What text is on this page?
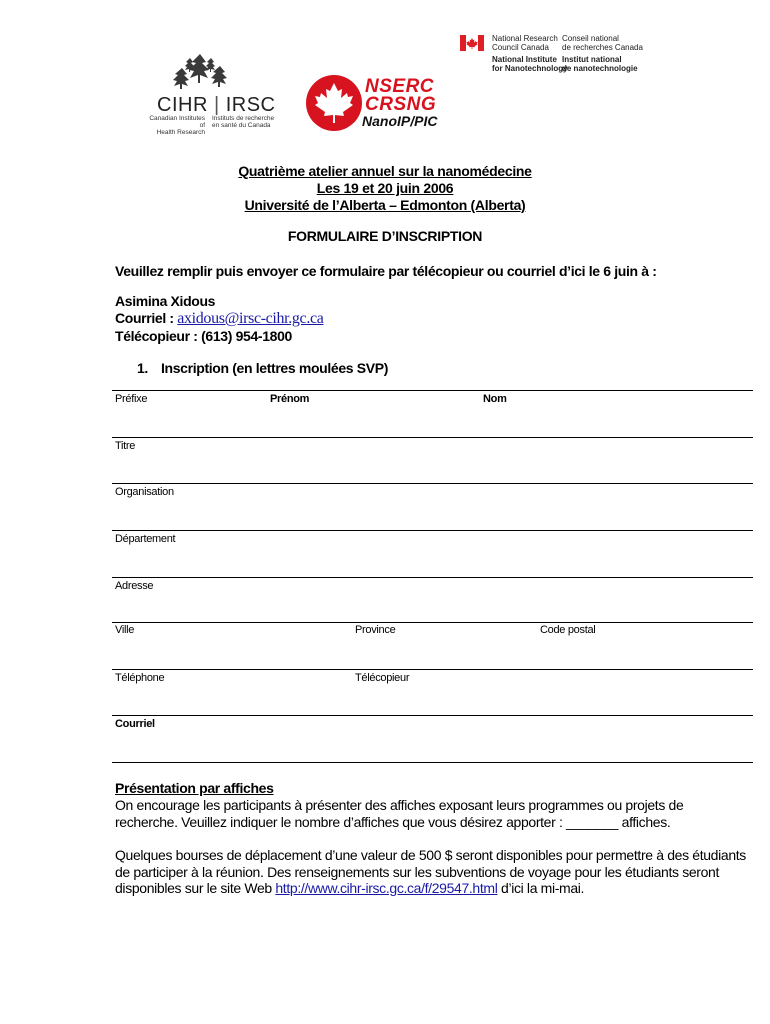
CIHR | IRSC
Canadian Institutes of
Health Research
Instituts de recherche
en santé du Canada
NSERC
CRSNG
NanoIP/PIC
National Research
Council Canada
Conseil national
de recherches Canada
National Institute
for Nanotechnology
Institut national
de nanotechnologie
Quatrième atelier annuel sur la nanomédecine
Les 19 et 20 juin 2006
Université de l’Alberta – Edmonton (Alberta)
FORMULAIRE D’INSCRIPTION
Veuillez remplir puis envoyer ce formulaire par télécopieur ou courriel d’ici le 6 juin à :
Asimina Xidous
Courriel : axidous@irsc-cihr.gc.ca
Télécopieur : (613) 954-1800
1. Inscription (en lettres moulées SVP)
Préfixe	Prénom	Nom
Titre
Organisation
Département
Adresse
Ville	Province	Code postal
Téléphone	Télécopieur
Courriel
Présentation par affiches
On encourage les participants à présenter des affiches exposant leurs programmes ou projets de
recherche. Veuillez indiquer le nombre d’affiches que vous désirez apporter : _______ affiches.
Quelques bourses de déplacement d’une valeur de 500 $ seront disponibles pour permettre à des étudiants
de participer à la réunion. Des renseignements sur les subventions de voyage pour les étudiants seront
disponibles sur le site Web http://www.cihr-irsc.gc.ca/f/29547.html d’ici la mi-mai.
